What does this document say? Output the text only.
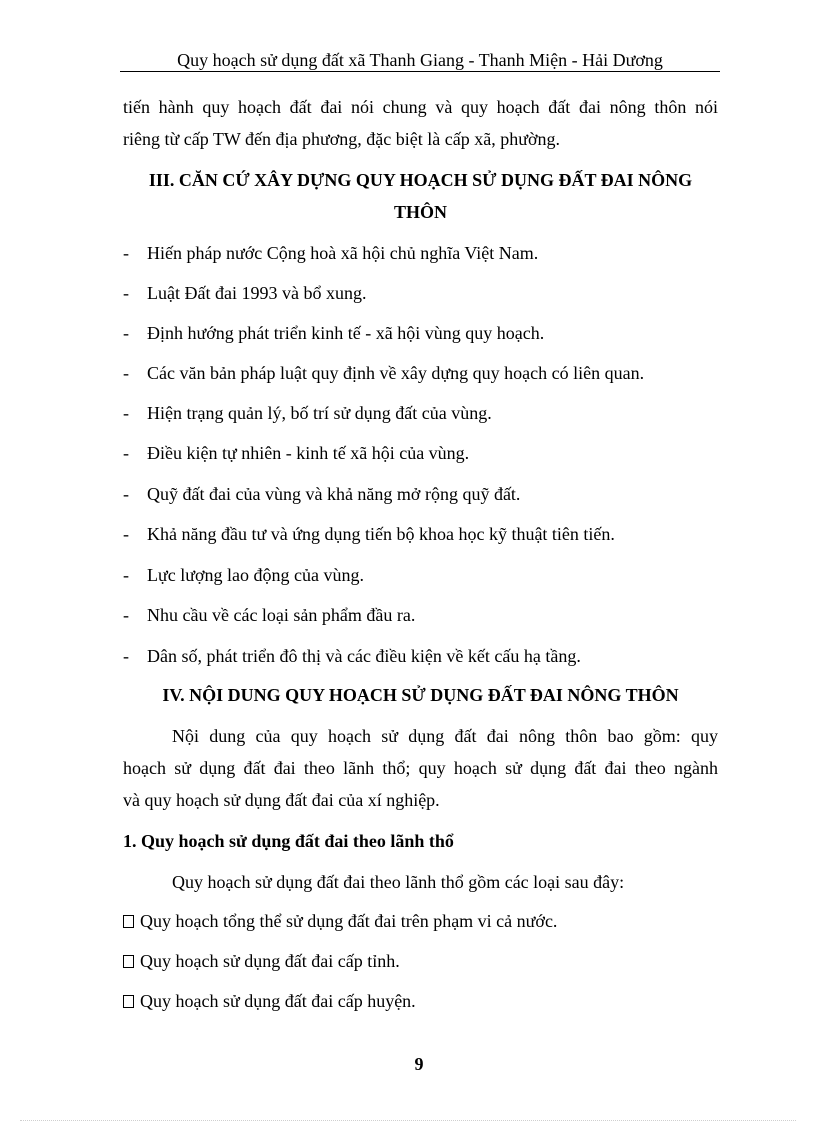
Quy hoạch sử dụng đất xã Thanh Giang - Thanh Miện - Hải Dương
tiến hành quy hoạch đất đai nói chung và quy hoạch đất đai nông thôn nói
riêng từ cấp TW đến địa phương, đặc biệt là cấp xã, phường.
III. CĂN CỨ XÂY DỰNG QUY HOẠCH SỬ DỤNG ĐẤT ĐAI NÔNG
THÔN
- Hiến pháp nước Cộng hoà xã hội chủ nghĩa Việt Nam.
- Luật Đất đai 1993 và bổ xung.
- Định hướng phát triển kinh tế - xã hội vùng quy hoạch.
- Các văn bản pháp luật quy định về xây dựng quy hoạch có liên quan.
- Hiện trạng quản lý, bố trí sử dụng đất của vùng.
- Điều kiện tự nhiên - kinh tế xã hội của vùng.
- Quỹ đất đai của vùng và khả năng mở rộng quỹ đất.
- Khả năng đầu tư và ứng dụng tiến bộ khoa học kỹ thuật tiên tiến.
- Lực lượng lao động của vùng.
- Nhu cầu về các loại sản phẩm đầu ra.
- Dân số, phát triển đô thị và các điều kiện về kết cấu hạ tầng.
IV. NỘI DUNG QUY HOẠCH SỬ DỤNG ĐẤT ĐAI NÔNG THÔN
Nội dung của quy hoạch sử dụng đất đai nông thôn bao gồm: quy
hoạch sử dụng đất đai theo lãnh thổ; quy hoạch sử dụng đất đai theo ngành
và quy hoạch sử dụng đất đai của xí nghiệp.
1. Quy hoạch sử dụng đất đai theo lãnh thổ
Quy hoạch sử dụng đất đai theo lãnh thổ gồm các loại sau đây:
Quy hoạch tổng thể sử dụng đất đai trên phạm vi cả nước.
Quy hoạch sử dụng đất đai cấp tỉnh.
Quy hoạch sử dụng đất đai cấp huyện.
9
